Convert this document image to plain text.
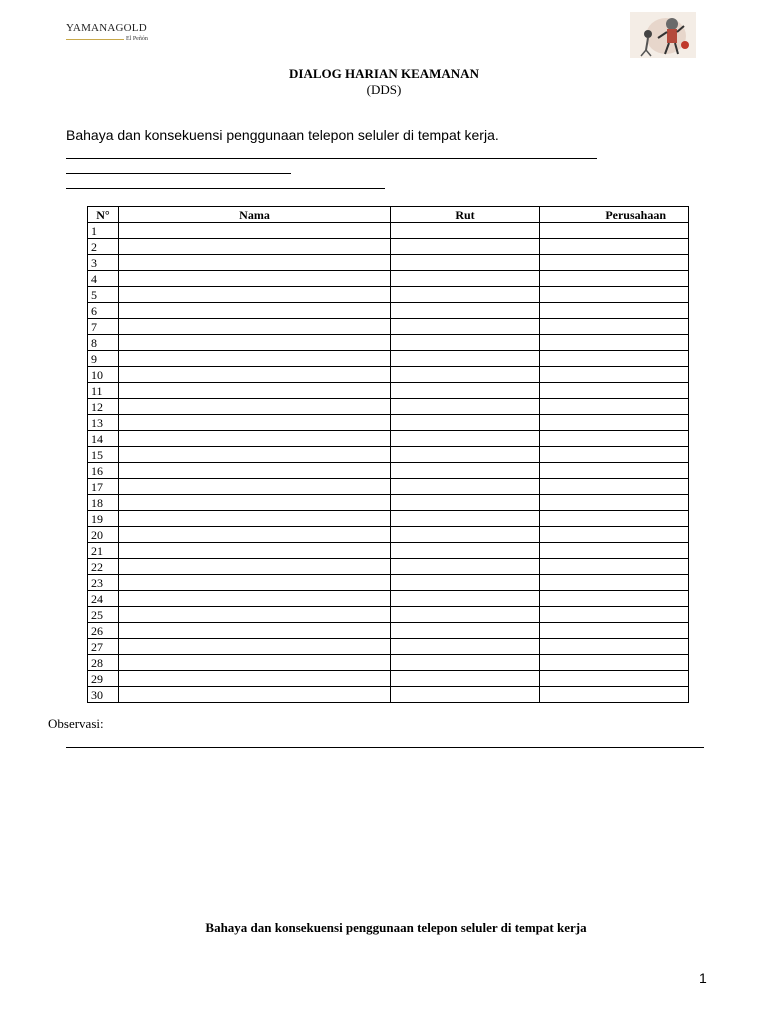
YAMANAGOLD
El Peñón
DIALOG HARIAN KEAMANAN
(DDS)
Bahaya dan konsekuensi penggunaan telepon seluler di tempat kerja.
N°	Nama	Rut	Perusahaan
1			
2			
3			
4			
5			
6			
7			
8			
9			
10			
11			
12			
13			
14			
15			
16			
17			
18			
19			
20			
21			
22			
23			
24			
25			
26			
27			
28			
29			
30			
Observasi:
Bahaya dan konsekuensi penggunaan telepon seluler di tempat kerja
1
